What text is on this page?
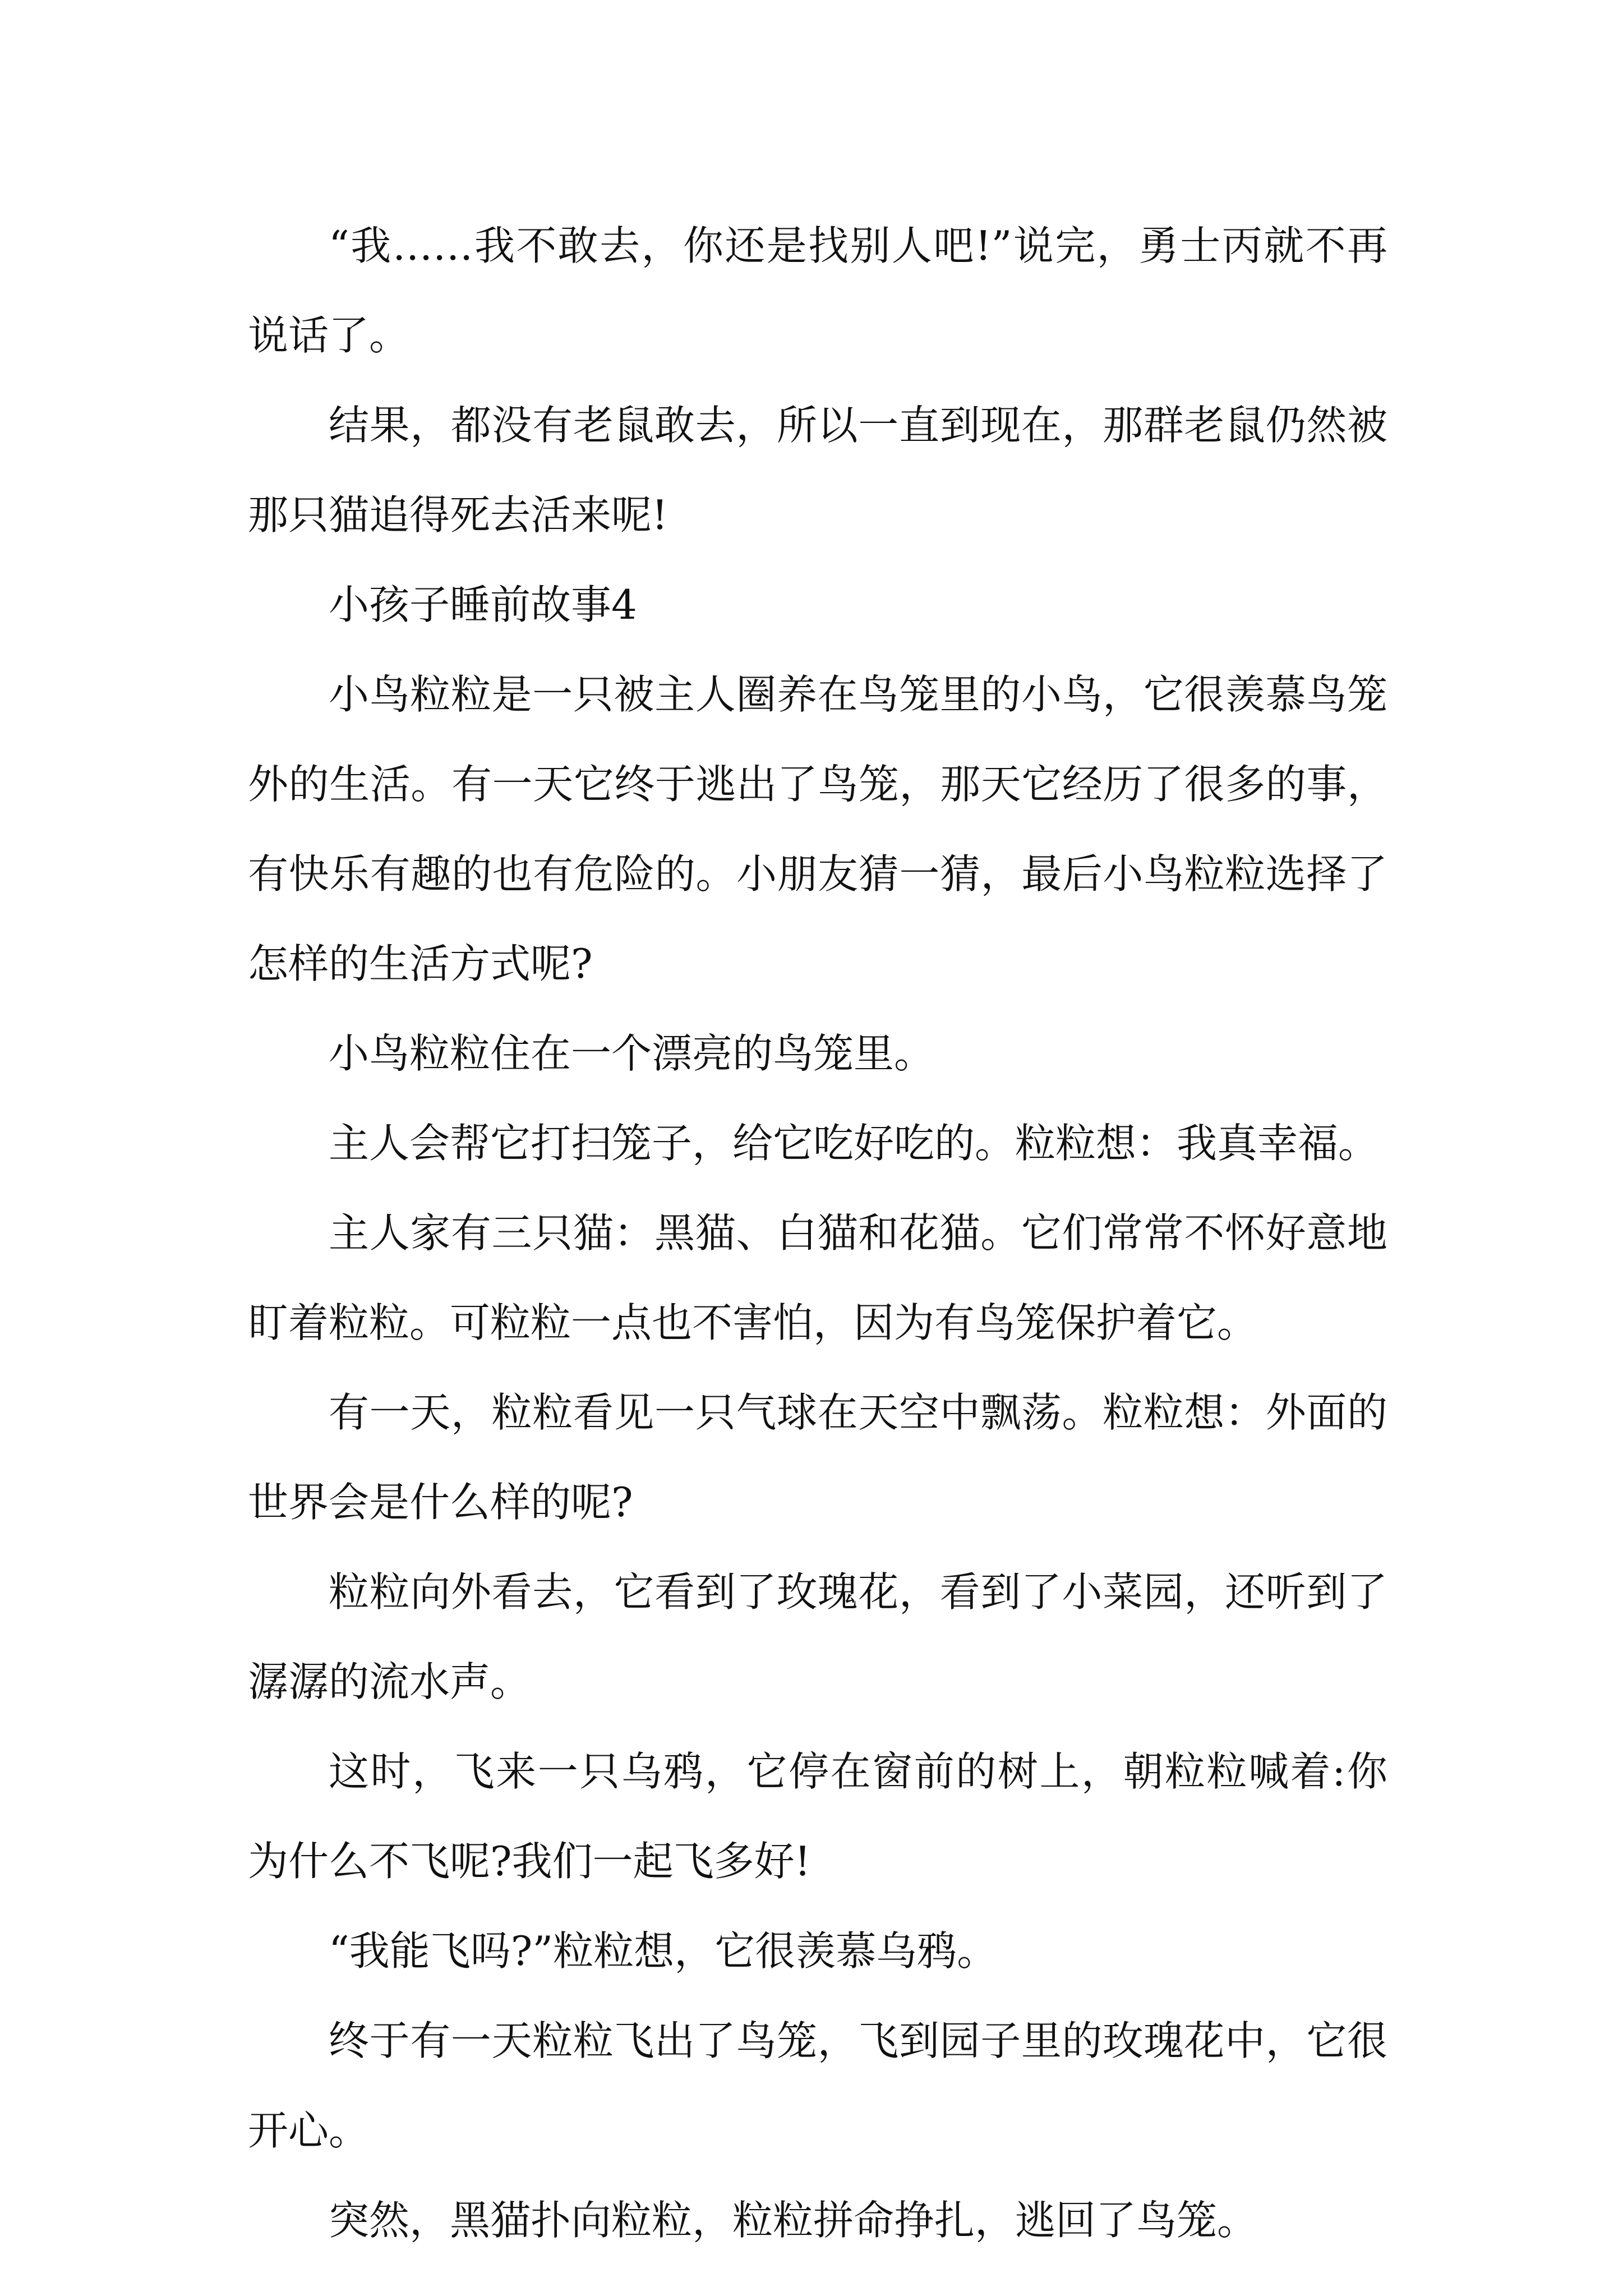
“我……我不敢去，你还是找别人吧!”说完，勇士丙就不再说话了。

结果，都没有老鼠敢去，所以一直到现在，那群老鼠仍然被那只猫追得死去活来呢!

小孩子睡前故事4

小鸟粒粒是一只被主人圈养在鸟笼里的小鸟，它很羡慕鸟笼外的生活。有一天它终于逃出了鸟笼，那天它经历了很多的事，有快乐有趣的也有危险的。小朋友猜一猜，最后小鸟粒粒选择了怎样的生活方式呢?

小鸟粒粒住在一个漂亮的鸟笼里。

主人会帮它打扫笼子，给它吃好吃的。粒粒想：我真幸福。

主人家有三只猫：黑猫、白猫和花猫。它们常常不怀好意地盯着粒粒。可粒粒一点也不害怕，因为有鸟笼保护着它。

有一天，粒粒看见一只气球在天空中飘荡。粒粒想：外面的世界会是什么样的呢?

粒粒向外看去，它看到了玫瑰花，看到了小菜园，还听到了潺潺的流水声。

这时，飞来一只乌鸦，它停在窗前的树上，朝粒粒喊着:你为什么不飞呢?我们一起飞多好!

“我能飞吗?”粒粒想，它很羡慕乌鸦。

终于有一天粒粒飞出了鸟笼，飞到园子里的玫瑰花中，它很开心。

突然，黑猫扑向粒粒，粒粒拼命挣扎，逃回了鸟笼。
